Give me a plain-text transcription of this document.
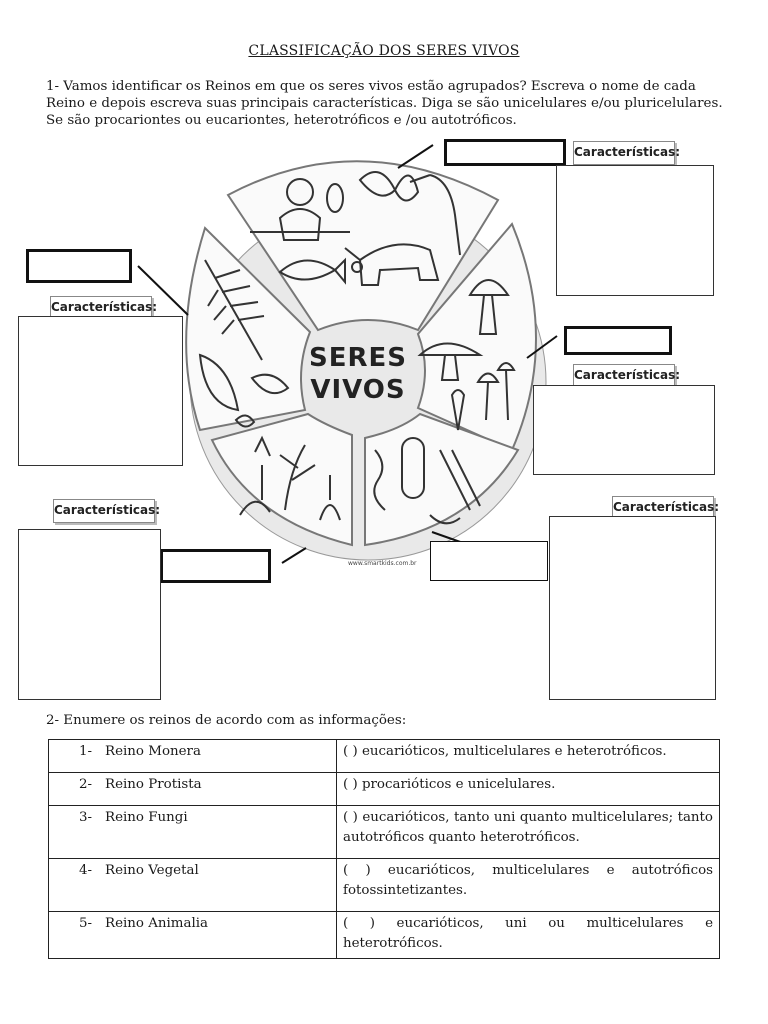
CLASSIFICAÇÃO DOS SERES VIVOS
1- Vamos identificar os Reinos em que os seres vivos estão agrupados? Escreva o nome de cada Reino e depois escreva suas principais características. Diga se são unicelulares e/ou pluricelulares. Se são procariontes ou eucariontes, heterotróficos e /ou autotróficos.
SERES
VIVOS
www.smartkids.com.br
Características:
Características:
Características:
Características:	Características:
2- Enumere os reinos de acordo com as informações:
1- Reino Monera	( ) eucarióticos, multicelulares e heterotróficos.
2- Reino Protista	( ) procarióticos e unicelulares.
3- Reino Fungi	( ) eucarióticos, tanto uni quanto multicelulares; tanto autotróficos quanto heterotróficos.
4- Reino Vegetal	( ) eucarióticos, multicelulares e autotróficos fotossintetizantes.
5- Reino Animalia	( ) eucarióticos, uni ou multicelulares e heterotróficos.
